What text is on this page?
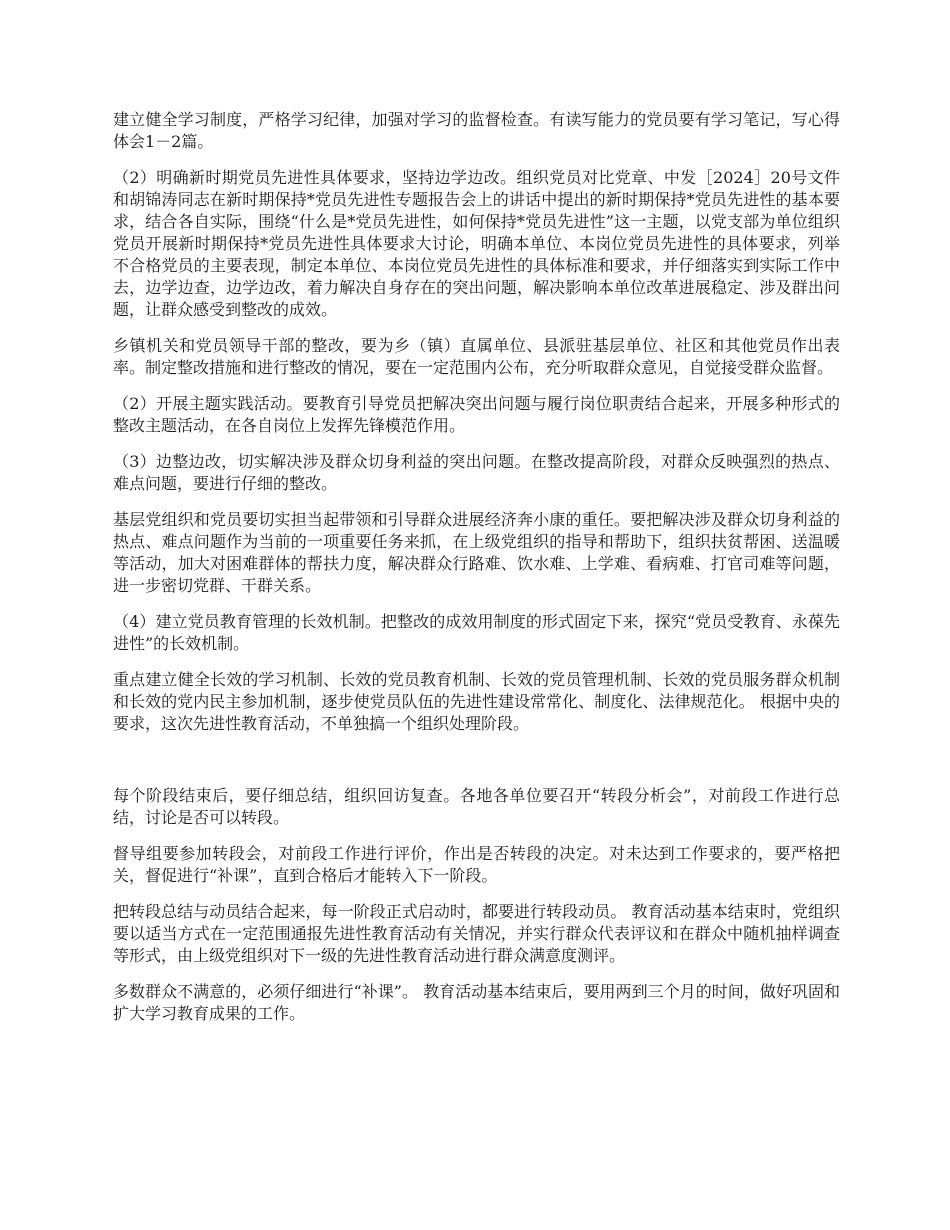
建立健全学习制度，严格学习纪律，加强对学习的监督检查。有读写能力的党员要有学习笔记，写心得体会1－2篇。

（2）明确新时期党员先进性具体要求，坚持边学边改。组织党员对比党章、中发［2024］20号文件和胡锦涛同志在新时期保持*党员先进性专题报告会上的讲话中提出的新时期保持*党员先进性的基本要求，结合各自实际，围绕“什么是*党员先进性，如何保持*党员先进性”这一主题，以党支部为单位组织党员开展新时期保持*党员先进性具体要求大讨论，明确本单位、本岗位党员先进性的具体要求，列举不合格党员的主要表现，制定本单位、本岗位党员先进性的具体标准和要求，并仔细落实到实际工作中去，边学边查，边学边改，着力解决自身存在的突出问题，解决影响本单位改革进展稳定、涉及群出问题，让群众感受到整改的成效。

乡镇机关和党员领导干部的整改，要为乡（镇）直属单位、县派驻基层单位、社区和其他党员作出表率。制定整改措施和进行整改的情况，要在一定范围内公布，充分听取群众意见，自觉接受群众监督。

（2）开展主题实践活动。要教育引导党员把解决突出问题与履行岗位职责结合起来，开展多种形式的整改主题活动，在各自岗位上发挥先锋模范作用。

（3）边整边改，切实解决涉及群众切身利益的突出问题。在整改提高阶段，对群众反映强烈的热点、难点问题，要进行仔细的整改。

基层党组织和党员要切实担当起带领和引导群众进展经济奔小康的重任。要把解决涉及群众切身利益的热点、难点问题作为当前的一项重要任务来抓，在上级党组织的指导和帮助下，组织扶贫帮困、送温暖等活动，加大对困难群体的帮扶力度，解决群众行路难、饮水难、上学难、看病难、打官司难等问题，进一步密切党群、干群关系。

（4）建立党员教育管理的长效机制。把整改的成效用制度的形式固定下来，探究“党员受教育、永葆先进性”的长效机制。

重点建立健全长效的学习机制、长效的党员教育机制、长效的党员管理机制、长效的党员服务群众机制和长效的党内民主参加机制，逐步使党员队伍的先进性建设常常化、制度化、法律规范化。 根据中央的要求，这次先进性教育活动，不单独搞一个组织处理阶段。

每个阶段结束后，要仔细总结，组织回访复查。各地各单位要召开“转段分析会”，对前段工作进行总结，讨论是否可以转段。

督导组要参加转段会，对前段工作进行评价，作出是否转段的决定。对未达到工作要求的，要严格把关，督促进行“补课”，直到合格后才能转入下一阶段。

把转段总结与动员结合起来，每一阶段正式启动时，都要进行转段动员。 教育活动基本结束时，党组织要以适当方式在一定范围通报先进性教育活动有关情况，并实行群众代表评议和在群众中随机抽样调查等形式，由上级党组织对下一级的先进性教育活动进行群众满意度测评。

多数群众不满意的，必须仔细进行“补课”。 教育活动基本结束后，要用两到三个月的时间，做好巩固和扩大学习教育成果的工作。
